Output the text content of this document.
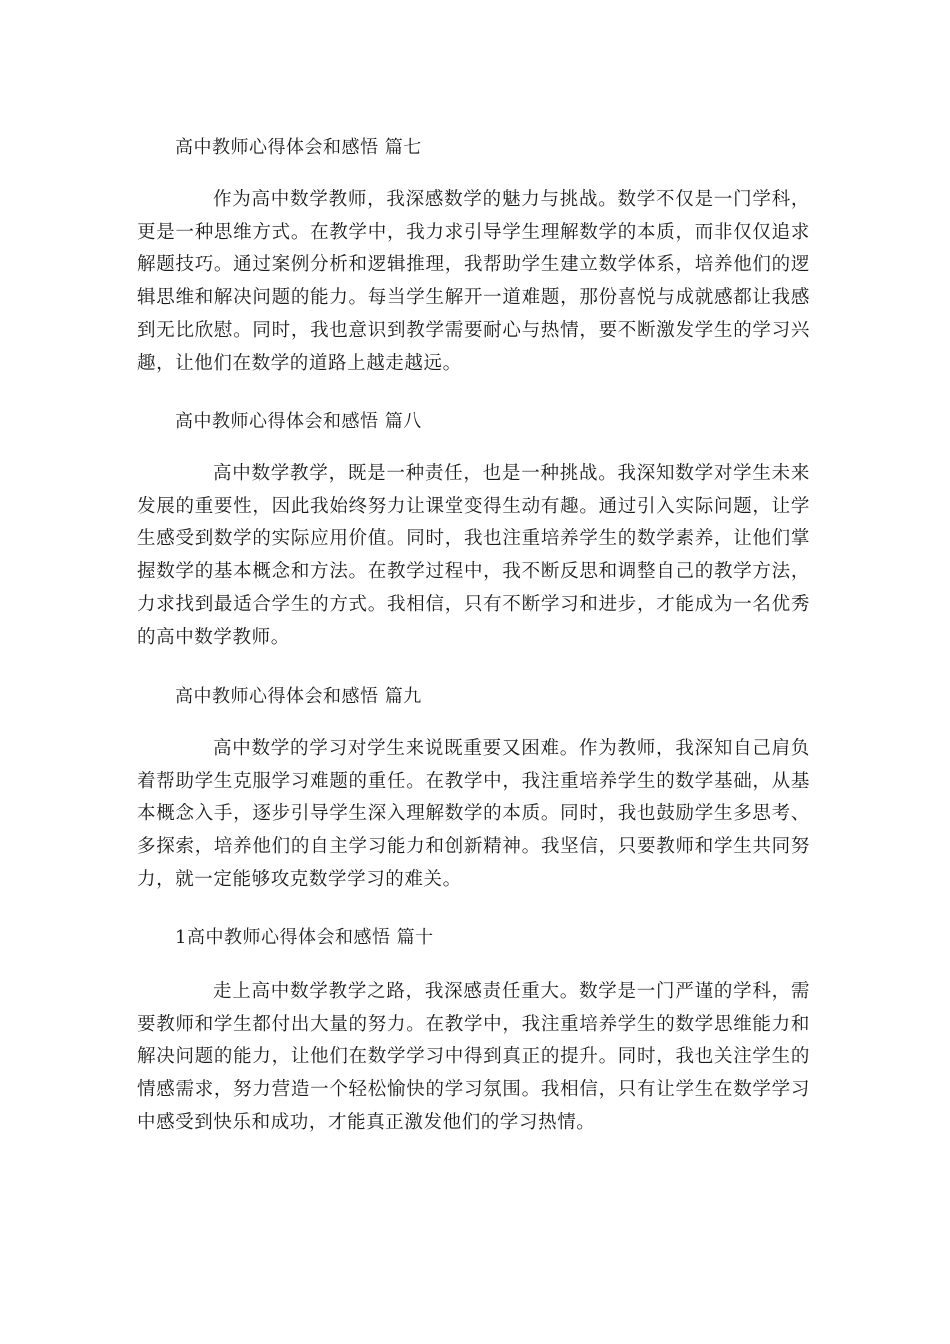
高中教师心得体会和感悟 篇七

作为高中数学教师，我深感数学的魅力与挑战。数学不仅是一门学科，更是一种思维方式。在教学中，我力求引导学生理解数学的本质，而非仅仅追求解题技巧。通过案例分析和逻辑推理，我帮助学生建立数学体系，培养他们的逻辑思维和解决问题的能力。每当学生解开一道难题，那份喜悦与成就感都让我感到无比欣慰。同时，我也意识到教学需要耐心与热情，要不断激发学生的学习兴趣，让他们在数学的道路上越走越远。

高中教师心得体会和感悟 篇八

高中数学教学，既是一种责任，也是一种挑战。我深知数学对学生未来发展的重要性，因此我始终努力让课堂变得生动有趣。通过引入实际问题，让学生感受到数学的实际应用价值。同时，我也注重培养学生的数学素养，让他们掌握数学的基本概念和方法。在教学过程中，我不断反思和调整自己的教学方法，力求找到最适合学生的方式。我相信，只有不断学习和进步，才能成为一名优秀的高中数学教师。

高中教师心得体会和感悟 篇九

高中数学的学习对学生来说既重要又困难。作为教师，我深知自己肩负着帮助学生克服学习难题的重任。在教学中，我注重培养学生的数学基础，从基本概念入手，逐步引导学生深入理解数学的本质。同时，我也鼓励学生多思考、多探索，培养他们的自主学习能力和创新精神。我坚信，只要教师和学生共同努力，就一定能够攻克数学学习的难关。

1高中教师心得体会和感悟 篇十

走上高中数学教学之路，我深感责任重大。数学是一门严谨的学科，需要教师和学生都付出大量的努力。在教学中，我注重培养学生的数学思维能力和解决问题的能力，让他们在数学学习中得到真正的提升。同时，我也关注学生的情感需求，努力营造一个轻松愉快的学习氛围。我相信，只有让学生在数学学习中感受到快乐和成功，才能真正激发他们的学习热情。
